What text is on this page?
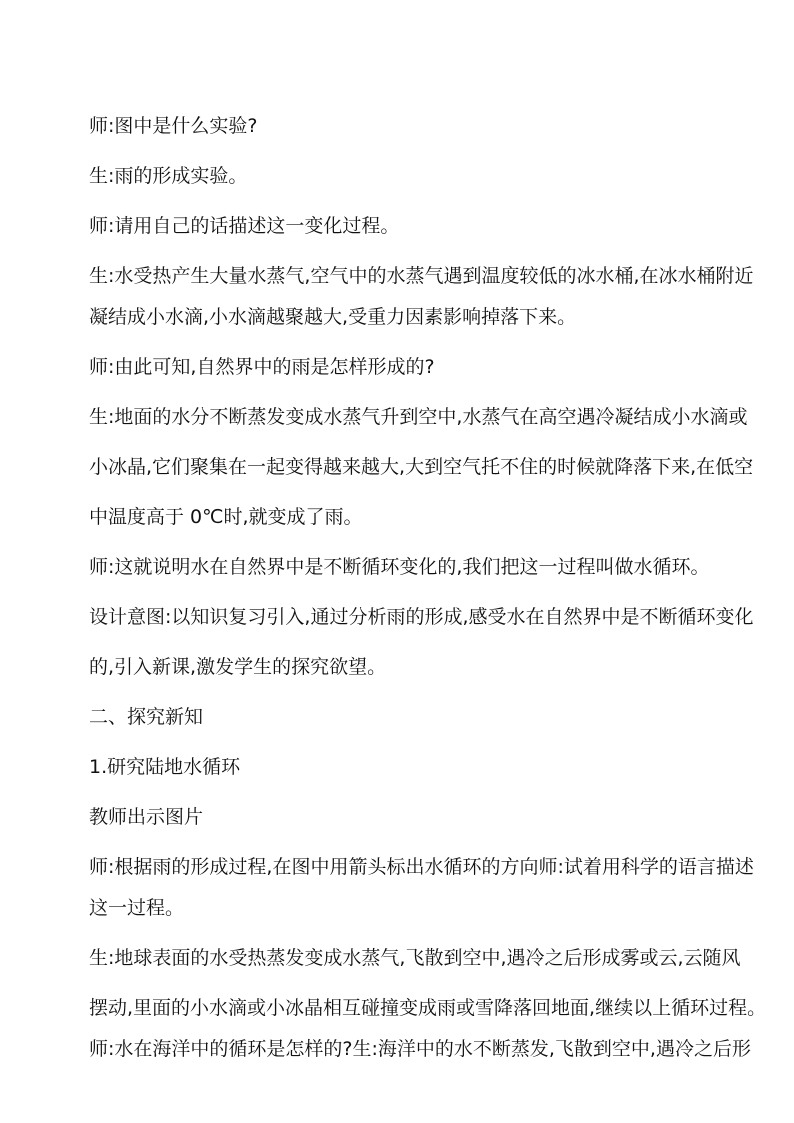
师:图中是什么实验?
生:雨的形成实验。
师:请用自己的话描述这一变化过程。
生:水受热产生大量水蒸气,空气中的水蒸气遇到温度较低的冰水桶,在冰水桶附近
凝结成小水滴,小水滴越聚越大,受重力因素影响掉落下来。
师:由此可知,自然界中的雨是怎样形成的?
生:地面的水分不断蒸发变成水蒸气升到空中,水蒸气在高空遇冷凝结成小水滴或
小冰晶,它们聚集在一起变得越来越大,大到空气托不住的时候就降落下来,在低空
中温度高于 0℃时,就变成了雨。
师:这就说明水在自然界中是不断循环变化的,我们把这一过程叫做水循环。
设计意图:以知识复习引入,通过分析雨的形成,感受水在自然界中是不断循环变化
的,引入新课,激发学生的探究欲望。
二、探究新知
1.研究陆地水循环
教师出示图片
师:根据雨的形成过程,在图中用箭头标出水循环的方向师:试着用科学的语言描述
这一过程。
生:地球表面的水受热蒸发变成水蒸气,飞散到空中,遇冷之后形成雾或云,云随风
摆动,里面的小水滴或小冰晶相互碰撞变成雨或雪降落回地面,继续以上循环过程。
师:水在海洋中的循环是怎样的?生:海洋中的水不断蒸发,飞散到空中,遇冷之后形
